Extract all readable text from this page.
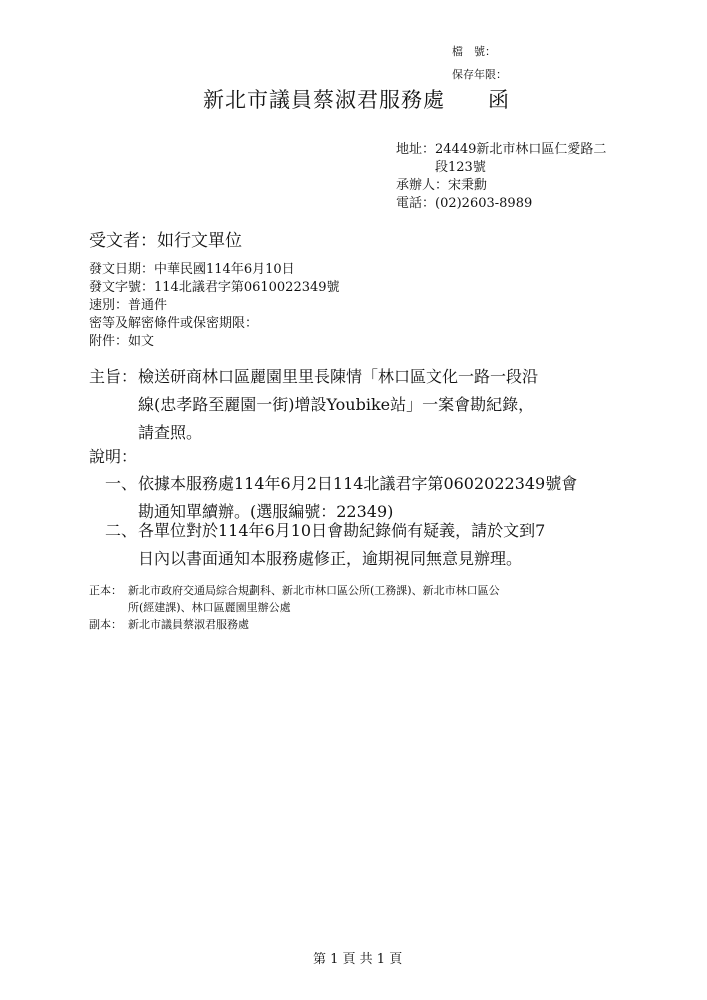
檔　號：
保存年限：
新北市議員蔡淑君服務處 函
地址：24449新北市林口區仁愛路二
段123號
承辦人：宋秉勳
電話：(02)2603-8989
受文者：如行文單位
發文日期：中華民國114年6月10日
發文字號：114北議君字第0610022349號
速別：普通件
密等及解密條件或保密期限：
附件：如文
主旨： 檢送研商林口區麗園里里長陳情「林口區文化一路一段沿
線(忠孝路至麗園一街)增設Youbike站」一案會勘紀錄，
請查照。
說明：
一、 依據本服務處114年6月2日114北議君字第0602022349號會
勘通知單續辦。(選服編號：22349)
二、 各單位對於114年6月10日會勘紀錄倘有疑義，請於文到7
日內以書面通知本服務處修正，逾期視同無意見辦理。
正本： 新北市政府交通局綜合規劃科、新北市林口區公所(工務課)、新北市林口區公
所(經建課)、林口區麗園里辦公處
副本： 新北市議員蔡淑君服務處
第 1 頁 共 1 頁
